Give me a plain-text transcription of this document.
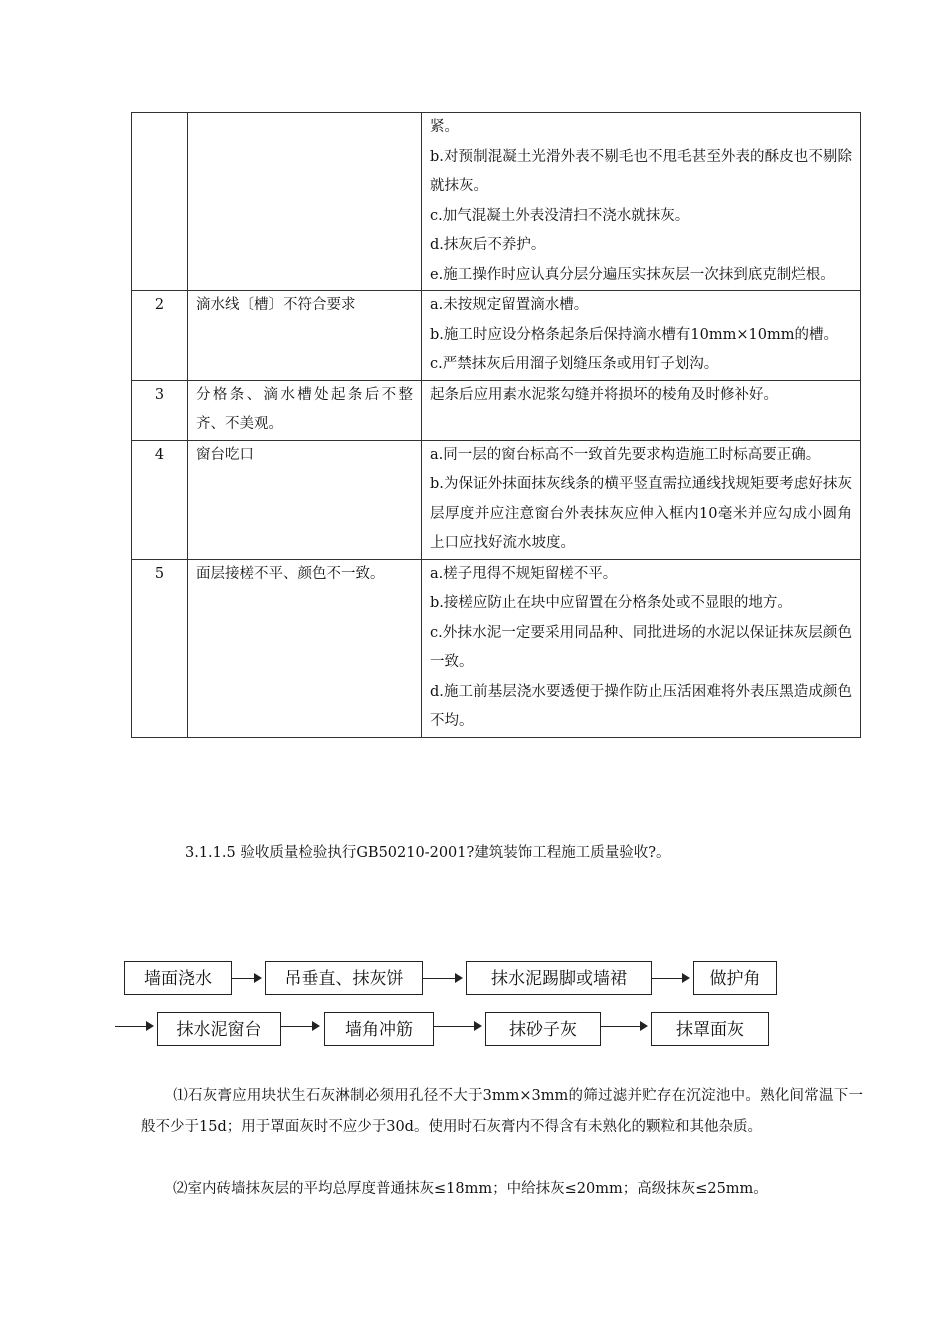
		紧。
b.对预制混凝土光滑外表不剔毛也不甩毛甚至外表的酥皮也不剔除就抹灰。
c.加气混凝土外表没清扫不浇水就抹灰。
d.抹灰后不养护。
e.施工操作时应认真分层分遍压实抹灰层一次抹到底克制烂根。

2	滴水线〔槽〕不符合要求	a.未按规定留置滴水槽。
b.施工时应设分格条起条后保持滴水槽有10mm×10mm的槽。
c.严禁抹灰后用溜子划缝压条或用钉子划沟。

3	分格条、滴水槽处起条后不整齐、不美观。	起条后应用素水泥浆勾缝并将损坏的棱角及时修补好。

4	窗台吃口	a.同一层的窗台标高不一致首先要求构造施工时标高要正确。
b.为保证外抹面抹灰线条的横平竖直需拉通线找规矩要考虑好抹灰层厚度并应注意窗台外表抹灰应伸入框内10毫米并应勾成小圆角上口应找好流水坡度。

5	面层接槎不平、颜色不一致。	a.槎子甩得不规矩留槎不平。
b.接槎应防止在块中应留置在分格条处或不显眼的地方。
c.外抹水泥一定要采用同品种、同批进场的水泥以保证抹灰层颜色一致。
d.施工前基层浇水要透便于操作防止压活困难将外表压黑造成颜色不均。
3.1.1.5 验收质量检验执行GB50210-2001?建筑装饰工程施工质量验收?。
墙面浇水	吊垂直、抹灰饼	抹水泥踢脚或墙裙	做护角
抹水泥窗台	墙角冲筋	抹砂子灰	抹罩面灰
⑴石灰膏应用块状生石灰淋制必须用孔径不大于3mm×3mm的筛过滤并贮存在沉淀池中。熟化间常温下一般不少于15d；用于罩面灰时不应少于30d。使用时石灰膏内不得含有未熟化的颗粒和其他杂质。
⑵室内砖墙抹灰层的平均总厚度普通抹灰≤18mm；中给抹灰≤20mm；高级抹灰≤25mm。
